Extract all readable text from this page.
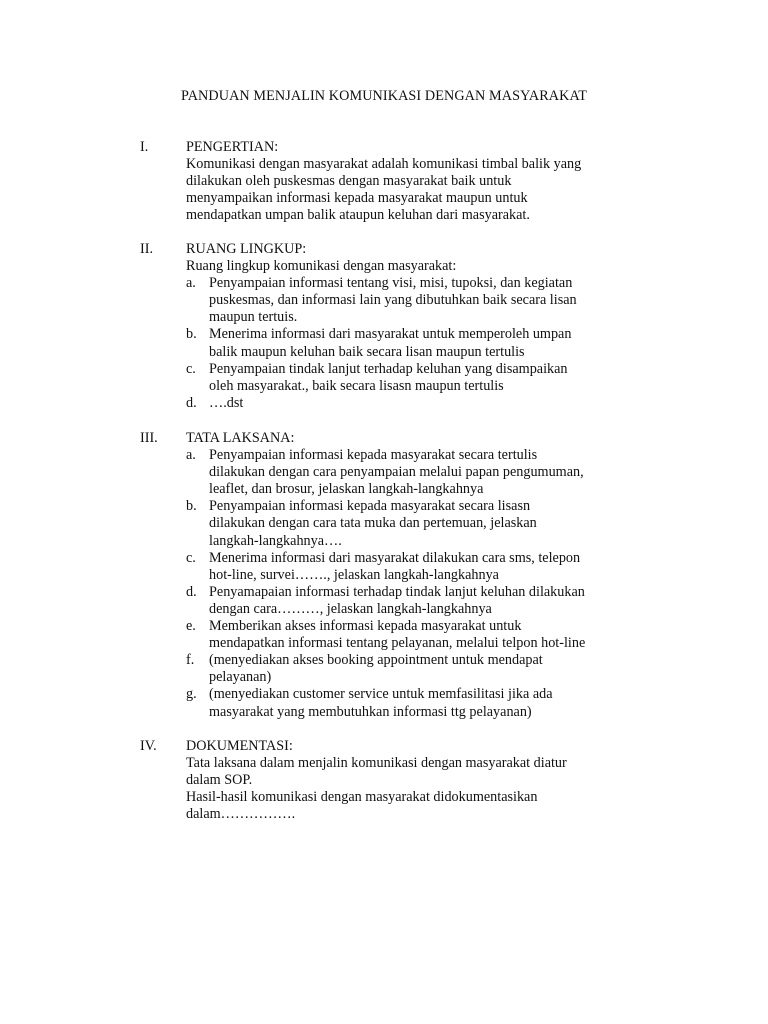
PANDUAN MENJALIN KOMUNIKASI DENGAN MASYARAKAT
I.	PENGERTIAN:
Komunikasi dengan masyarakat adalah komunikasi timbal balik yang
dilakukan oleh puskesmas dengan masyarakat baik untuk
menyampaikan informasi kepada masyarakat maupun untuk
mendapatkan umpan balik ataupun keluhan dari masyarakat.
II. RUANG LINGKUP:
Ruang lingkup komunikasi dengan masyarakat:
a. Penyampaian informasi tentang visi, misi, tupoksi, dan kegiatan
puskesmas, dan informasi lain yang dibutuhkan baik secara lisan
maupun tertuis.
b. Menerima informasi dari masyarakat untuk memperoleh umpan
balik maupun keluhan baik secara lisan maupun tertulis
c. Penyampaian tindak lanjut terhadap keluhan yang disampaikan
oleh masyarakat., baik secara lisasn maupun tertulis
d. ….dst
III. TATA LAKSANA:
a. Penyampaian informasi kepada masyarakat secara tertulis
dilakukan dengan cara penyampaian melalui papan pengumuman,
leaflet, dan brosur, jelaskan langkah-langkahnya
b. Penyampaian informasi kepada masyarakat secara lisasn
dilakukan dengan cara tata muka dan pertemuan, jelaskan
langkah-langkahnya….
c. Menerima informasi dari masyarakat dilakukan cara sms, telepon
hot-line, survei……., jelaskan langkah-langkahnya
d. Penyamapaian informasi terhadap tindak lanjut keluhan dilakukan
dengan cara………, jelaskan langkah-langkahnya
e. Memberikan akses informasi kepada masyarakat untuk
mendapatkan informasi tentang pelayanan, melalui telpon hot-line
f. (menyediakan akses booking appointment untuk mendapat
pelayanan)
g. (menyediakan customer service untuk memfasilitasi jika ada
masyarakat yang membutuhkan informasi ttg pelayanan)
IV. DOKUMENTASI:
Tata laksana dalam menjalin komunikasi dengan masyarakat diatur
dalam SOP.
Hasil-hasil komunikasi dengan masyarakat didokumentasikan
dalam…………….
